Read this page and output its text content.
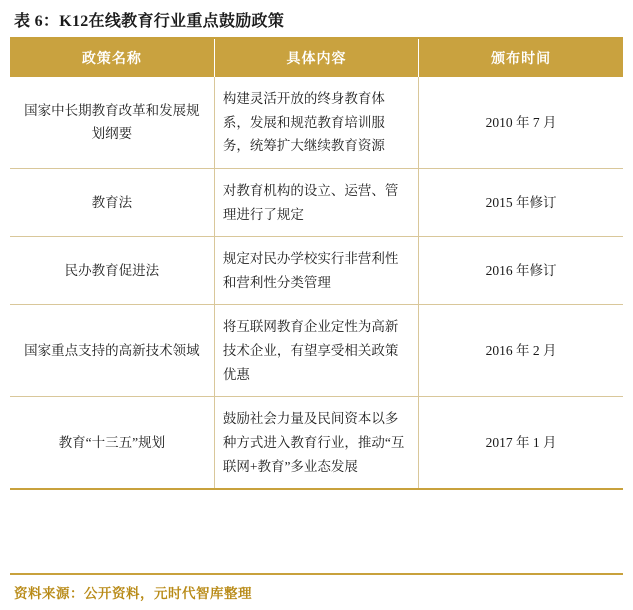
表 6：K12在线教育行业重点鼓励政策
政策名称	具体内容	颁布时间
国家中长期教育改革和发展规划纲要	构建灵活开放的终身教育体系，发展和规范教育培训服务，统筹扩大继续教育资源	2010 年 7 月
教育法	对教育机构的设立、运营、管理进行了规定	2015 年修订
民办教育促进法	规定对民办学校实行非营利性和营利性分类管理	2016 年修订
国家重点支持的高新技术领域	将互联网教育企业定性为高新技术企业，有望享受相关政策优惠	2016 年 2 月
教育“十三五”规划	鼓励社会力量及民间资本以多种方式进入教育行业，推动“互联网+教育”多业态发展	2017 年 1 月
资料来源：公开资料，元时代智库整理
